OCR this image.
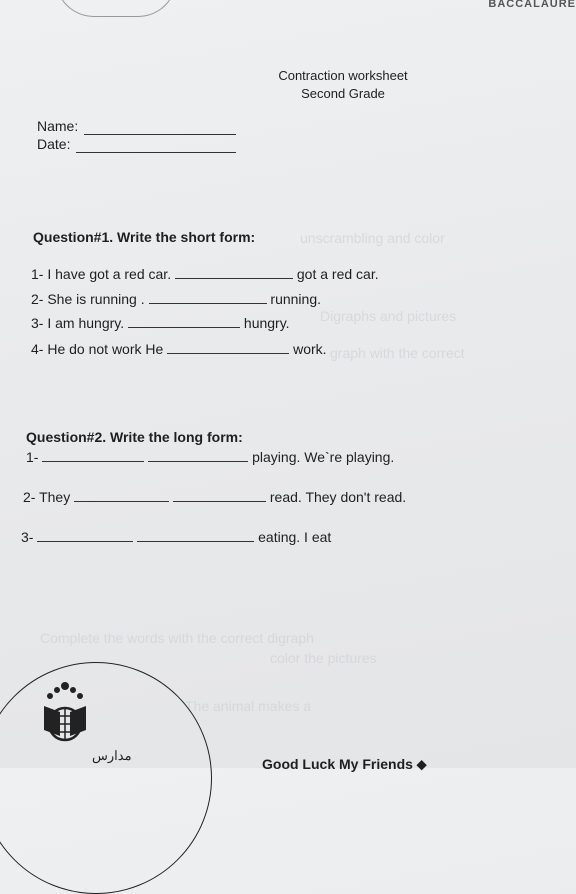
unscrambling and color
Digraphs and pictures
graph with the correct
Complete the words with the correct digraph
color the pictures
The animal makes a
BACCALAURE
Contraction worksheet
Second Grade
Name:
Date:
Question#1. Write the short form:
1- I have got a red car.	got a red car.
2- She is running .	running.
3- I am hungry.	hungry.
4- He do not work He	work.
Question#2. Write the long form:
1-	playing. We`re playing.
2- They	read. They don't read.
3-	eating. I eat
مدارس
Good Luck My Friends ⬥
